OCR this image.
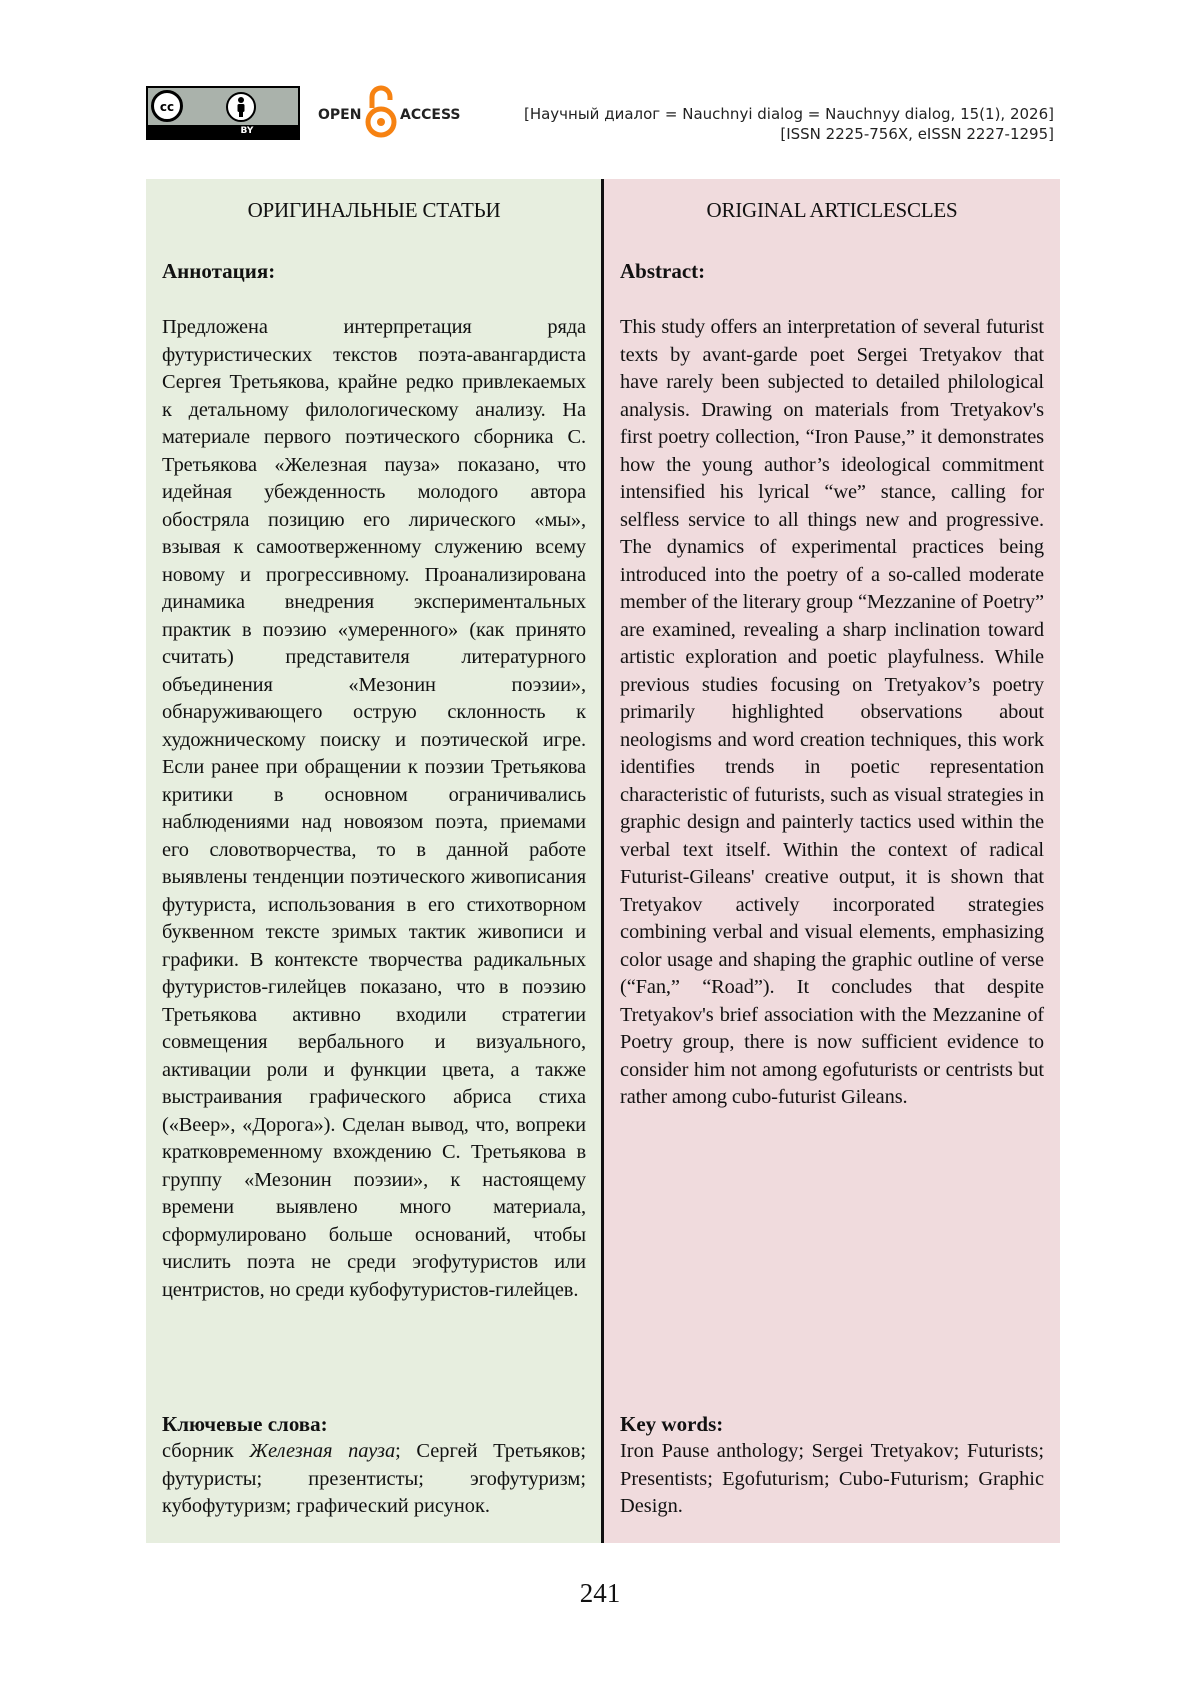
cc
BY
OPEN	ACCESS	[Научный диалог = Nauchnyi dialog = Nauchnyy dialog, 15(1), 2026]
[ISSN 2225-756X, eISSN 2227-1295]
ОРИГИНАЛЬНЫЕ СТАТЬИ
Аннотация:
Предложена интерпретация ряда футуристических текстов поэта-авангардиста Сергея Третьякова, крайне редко привлекаемых к детальному филологическому анализу. На материале первого поэтического сборника С. Третьякова «Железная пауза» показано, что идейная убежденность молодого автора обостряла позицию его лирического «мы», взывая к самоотверженному служению всему новому и прогрессивному. Проанализирована динамика внедрения экспериментальных практик в поэзию «умеренного» (как принято считать) представителя литературного объединения «Мезонин поэзии», обнаруживающего острую склонность к художническому поиску и поэтической игре. Если ранее при обращении к поэзии Третьякова критики в основном ограничивались наблюдениями над новоязом поэта, приемами его словотворчества, то в данной работе выявлены тенденции поэтического живописания футуриста, использования в его стихотворном буквенном тексте зримых тактик живописи и графики. В контексте творчества радикальных футуристов-гилейцев показано, что в поэзию Третьякова активно входили стратегии совмещения вербального и визуального, активации роли и функции цвета, а также выстраивания графического абриса стиха («Веер», «Дорога»). Сделан вывод, что, вопреки кратковременному вхождению С. Третьякова в группу «Мезонин поэзии», к настоящему времени выявлено много материала, сформулировано больше оснований, чтобы числить поэта не среди эгофутуристов или центристов, но среди кубофутуристов-гилейцев.
Ключевые слова:
сборник Железная пауза; Сергей Третьяков; футуристы; презентисты; эгофутуризм; кубофутуризм; графический рисунок.
ORIGINAL ARTICLESCLES
Abstract:
This study offers an interpretation of several futurist texts by avant-garde poet Sergei Tretyakov that have rarely been subjected to detailed philological analysis. Drawing on materials from Tretyakov's first poetry collection, “Iron Pause,” it demonstrates how the young author’s ideological commitment intensified his lyrical “we” stance, calling for selfless service to all things new and progressive. The dynamics of experimental practices being introduced into the poetry of a so-called moderate member of the literary group “Mezzanine of Poetry” are examined, revealing a sharp inclination toward artistic exploration and poetic playfulness. While previous studies focusing on Tretyakov’s poetry primarily highlighted observations about neologisms and word creation techniques, this work identifies trends in poetic representation characteristic of futurists, such as visual strategies in graphic design and painterly tactics used within the verbal text itself. Within the context of radical Futurist-Gileans' creative output, it is shown that Tretyakov actively incorporated strategies combining verbal and visual elements, emphasizing color usage and shaping the graphic outline of verse (“Fan,” “Road”). It concludes that despite Tretyakov's brief association with the Mezzanine of Poetry group, there is now sufficient evidence to consider him not among egofuturists or centrists but rather among cubo-futurist Gileans.
Key words:
Iron Pause anthology; Sergei Tretyakov; Futurists; Presentists; Egofuturism; Cubo-Futurism; Graphic Design.
241
